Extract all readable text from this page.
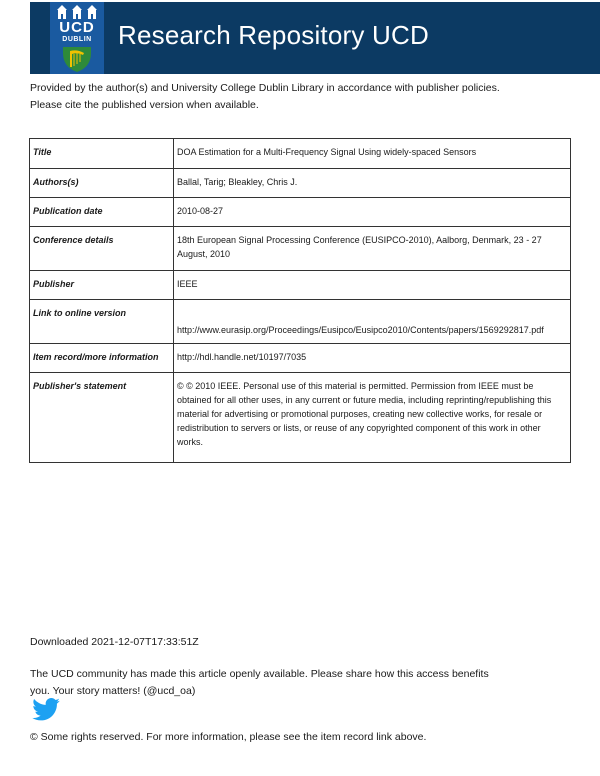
UCD
DUBLIN	Research Repository UCD
Provided by the author(s) and University College Dublin Library in accordance with publisher policies. Please cite the published version when available.
Title	DOA Estimation for a Multi-Frequency Signal Using widely-spaced Sensors
Authors(s)	Ballal, Tarig; Bleakley, Chris J.
Publication date	2010-08-27
Conference details	18th European Signal Processing Conference (EUSIPCO-2010), Aalborg, Denmark, 23 - 27 August, 2010
Publisher	IEEE
Link to online version	http://www.eurasip.org/Proceedings/Eusipco/Eusipco2010/Contents/papers/1569292817.pdf
Item record/more information	http://hdl.handle.net/10197/7035
Publisher's statement	© © 2010 IEEE. Personal use of this material is permitted. Permission from IEEE must be obtained for all other uses, in any current or future media, including reprinting/republishing this material for advertising or promotional purposes, creating new collective works, for resale or redistribution to servers or lists, or reuse of any copyrighted component of this work in other works.
Downloaded 2021-12-07T17:33:51Z
The UCD community has made this article openly available. Please share how this access benefits you. Your story matters! (@ucd_oa)
© Some rights reserved. For more information, please see the item record link above.
